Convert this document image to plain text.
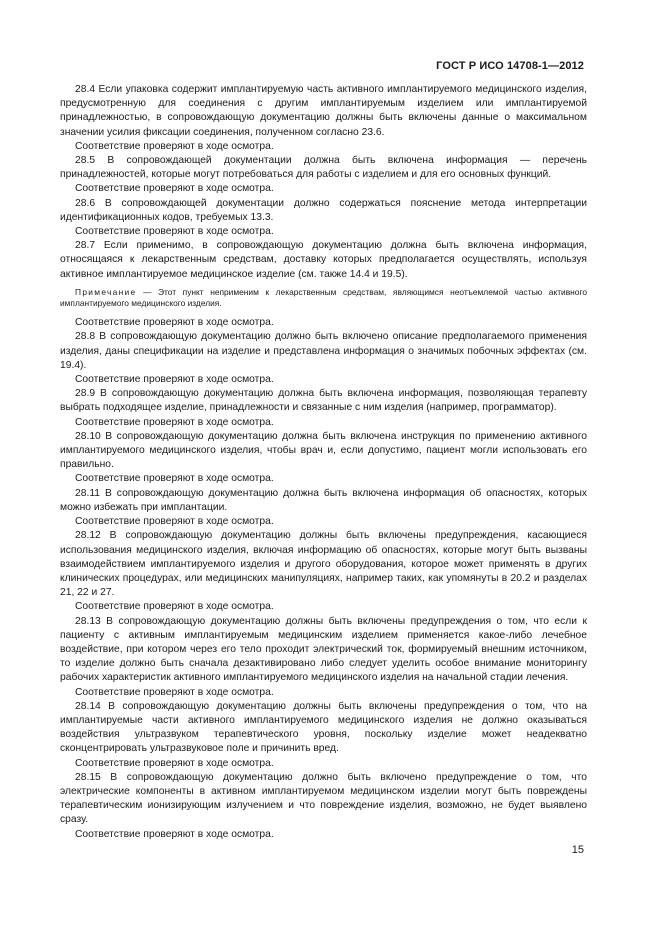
ГОСТ Р ИСО 14708-1—2012

28.4 Если упаковка содержит имплантируемую часть активного имплантируемого медицинского изделия, предусмотренную для соединения с другим имплантируемым изделием или имплантируемой принадлежностью, в сопровождающую документацию должны быть включены данные о максимальном значении усилия фиксации соединения, полученном согласно 23.6.

Соответствие проверяют в ходе осмотра.

28.5 В сопровождающей документации должна быть включена информация — перечень принадлежностей, которые могут потребоваться для работы с изделием и для его основных функций.

Соответствие проверяют в ходе осмотра.

28.6 В сопровождающей документации должно содержаться пояснение метода интерпретации идентификационных кодов, требуемых 13.3.

Соответствие проверяют в ходе осмотра.

28.7 Если применимо, в сопровождающую документацию должна быть включена информация, относящаяся к лекарственным средствам, доставку которых предполагается осуществлять, используя активное имплантируемое медицинское изделие (см. также 14.4 и 19.5).

Примечание — Этот пункт неприменим к лекарственным средствам, являющимся неотъемлемой частью активного имплантируемого медицинского изделия.

Соответствие проверяют в ходе осмотра.

28.8 В сопровождающую документацию должно быть включено описание предполагаемого применения изделия, даны спецификации на изделие и представлена информация о значимых побочных эффектах (см. 19.4).

Соответствие проверяют в ходе осмотра.

28.9 В сопровождающую документацию должна быть включена информация, позволяющая терапевту выбрать подходящее изделие, принадлежности и связанные с ним изделия (например, программатор).

Соответствие проверяют в ходе осмотра.

28.10 В сопровождающую документацию должна быть включена инструкция по применению активного имплантируемого медицинского изделия, чтобы врач и, если допустимо, пациент могли использовать его правильно.

Соответствие проверяют в ходе осмотра.

28.11 В сопровождающую документацию должна быть включена информация об опасностях, которых можно избежать при имплантации.

Соответствие проверяют в ходе осмотра.

28.12 В сопровождающую документацию должны быть включены предупреждения, касающиеся использования медицинского изделия, включая информацию об опасностях, которые могут быть вызваны взаимодействием имплантируемого изделия и другого оборудования, которое может применять в других клинических процедурах, или медицинских манипуляциях, например таких, как упомянуты в 20.2 и разделах 21, 22 и 27.

Соответствие проверяют в ходе осмотра.

28.13 В сопровождающую документацию должны быть включены предупреждения о том, что если к пациенту с активным имплантируемым медицинским изделием применяется какое-либо лечебное воздействие, при котором через его тело проходит электрический ток, формируемый внешним источником, то изделие должно быть сначала дезактивировано либо следует уделить особое внимание мониторингу рабочих характеристик активного имплантируемого медицинского изделия на начальной стадии лечения.

Соответствие проверяют в ходе осмотра.

28.14 В сопровождающую документацию должны быть включены предупреждения о том, что на имплантируемые части активного имплантируемого медицинского изделия не должно оказываться воздействия ультразвуком терапевтического уровня, поскольку изделие может неадекватно сконцентрировать ультразвуковое поле и причинить вред.

Соответствие проверяют в ходе осмотра.

28.15 В сопровождающую документацию должно быть включено предупреждение о том, что электрические компоненты в активном имплантируемом медицинском изделии могут быть повреждены терапевтическим ионизирующим излучением и что повреждение изделия, возможно, не будет выявлено сразу.

Соответствие проверяют в ходе осмотра.

15
